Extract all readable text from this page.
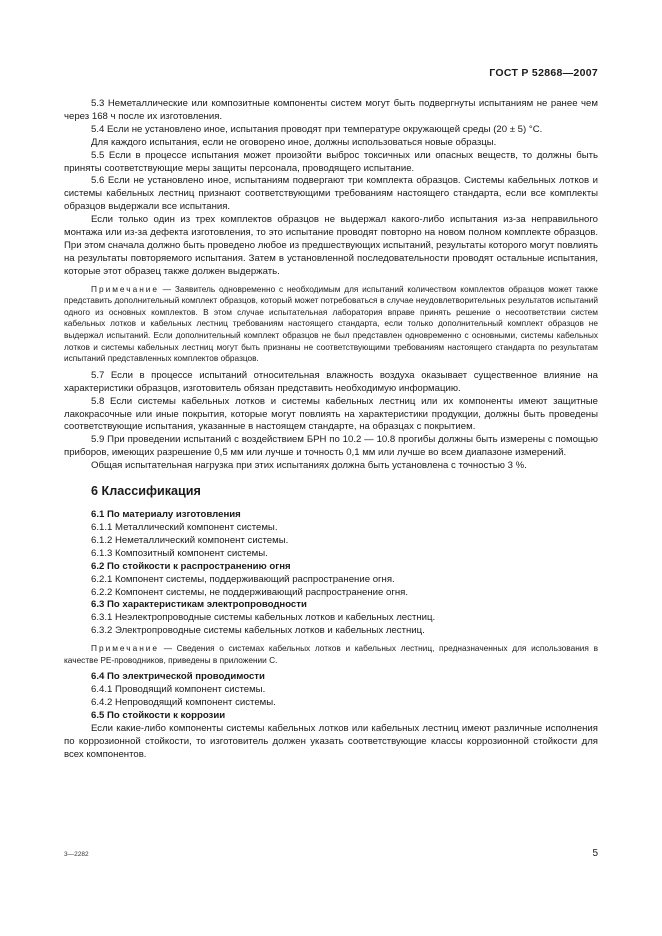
ГОСТ Р 52868—2007

5.3 Неметаллические или композитные компоненты систем могут быть подвергнуты испытаниям не ранее чем через 168 ч после их изготовления.

5.4 Если не установлено иное, испытания проводят при температуре окружающей среды (20 ± 5) °С.

Для каждого испытания, если не оговорено иное, должны использоваться новые образцы.

5.5 Если в процессе испытания может произойти выброс токсичных или опасных веществ, то должны быть приняты соответствующие меры защиты персонала, проводящего испытание.

5.6 Если не установлено иное, испытаниям подвергают три комплекта образцов. Системы кабельных лотков и системы кабельных лестниц признают соответствующими требованиям настоящего стандарта, если все комплекты образцов выдержали все испытания.

Если только один из трех комплектов образцов не выдержал какого-либо испытания из-за неправильного монтажа или из-за дефекта изготовления, то это испытание проводят повторно на новом полном комплекте образцов. При этом сначала должно быть проведено любое из предшествующих испытаний, результаты которого могут повлиять на результаты повторяемого испытания. Затем в установленной последовательности проводят остальные испытания, которые этот образец также должен выдержать.

Примечание — Заявитель одновременно с необходимым для испытаний количеством комплектов образцов может также представить дополнительный комплект образцов, который может потребоваться в случае неудовлетворительных результатов испытаний одного из основных комплектов. В этом случае испытательная лаборатория вправе принять решение о несоответствии систем кабельных лотков и кабельных лестниц требованиям настоящего стандарта, если только дополнительный комплект образцов не выдержал испытаний. Если дополнительный комплект образцов не был представлен одновременно с основными, системы кабельных лотков и системы кабельных лестниц могут быть признаны не соответствующими требованиям настоящего стандарта по результатам испытаний представленных комплектов образцов.

5.7 Если в процессе испытаний относительная влажность воздуха оказывает существенное влияние на характеристики образцов, изготовитель обязан представить необходимую информацию.

5.8 Если системы кабельных лотков и системы кабельных лестниц или их компоненты имеют защитные лакокрасочные или иные покрытия, которые могут повлиять на характеристики продукции, должны быть проведены соответствующие испытания, указанные в настоящем стандарте, на образцах с покрытием.

5.9 При проведении испытаний с воздействием БРН по 10.2 — 10.8 прогибы должны быть измерены с помощью приборов, имеющих разрешение 0,5 мм или лучше и точность 0,1 мм или лучше во всем диапазоне измерений.

Общая испытательная нагрузка при этих испытаниях должна быть установлена с точностью 3 %.

6 Классификация

6.1 По материалу изготовления

6.1.1 Металлический компонент системы.

6.1.2 Неметаллический компонент системы.

6.1.3 Композитный компонент системы.

6.2 По стойкости к распространению огня

6.2.1 Компонент системы, поддерживающий распространение огня.

6.2.2 Компонент системы, не поддерживающий распространение огня.

6.3 По характеристикам электропроводности

6.3.1 Неэлектропроводные системы кабельных лотков и кабельных лестниц.

6.3.2 Электропроводные системы кабельных лотков и кабельных лестниц.

Примечание — Сведения о системах кабельных лотков и кабельных лестниц, предназначенных для использования в качестве РЕ-проводников, приведены в приложении С.

6.4 По электрической проводимости

6.4.1 Проводящий компонент системы.

6.4.2 Непроводящий компонент системы.

6.5 По стойкости к коррозии

Если какие-либо компоненты системы кабельных лотков или кабельных лестниц имеют различные исполнения по коррозионной стойкости, то изготовитель должен указать соответствующие классы коррозионной стойкости для всех компонентов.

3—2282	5
